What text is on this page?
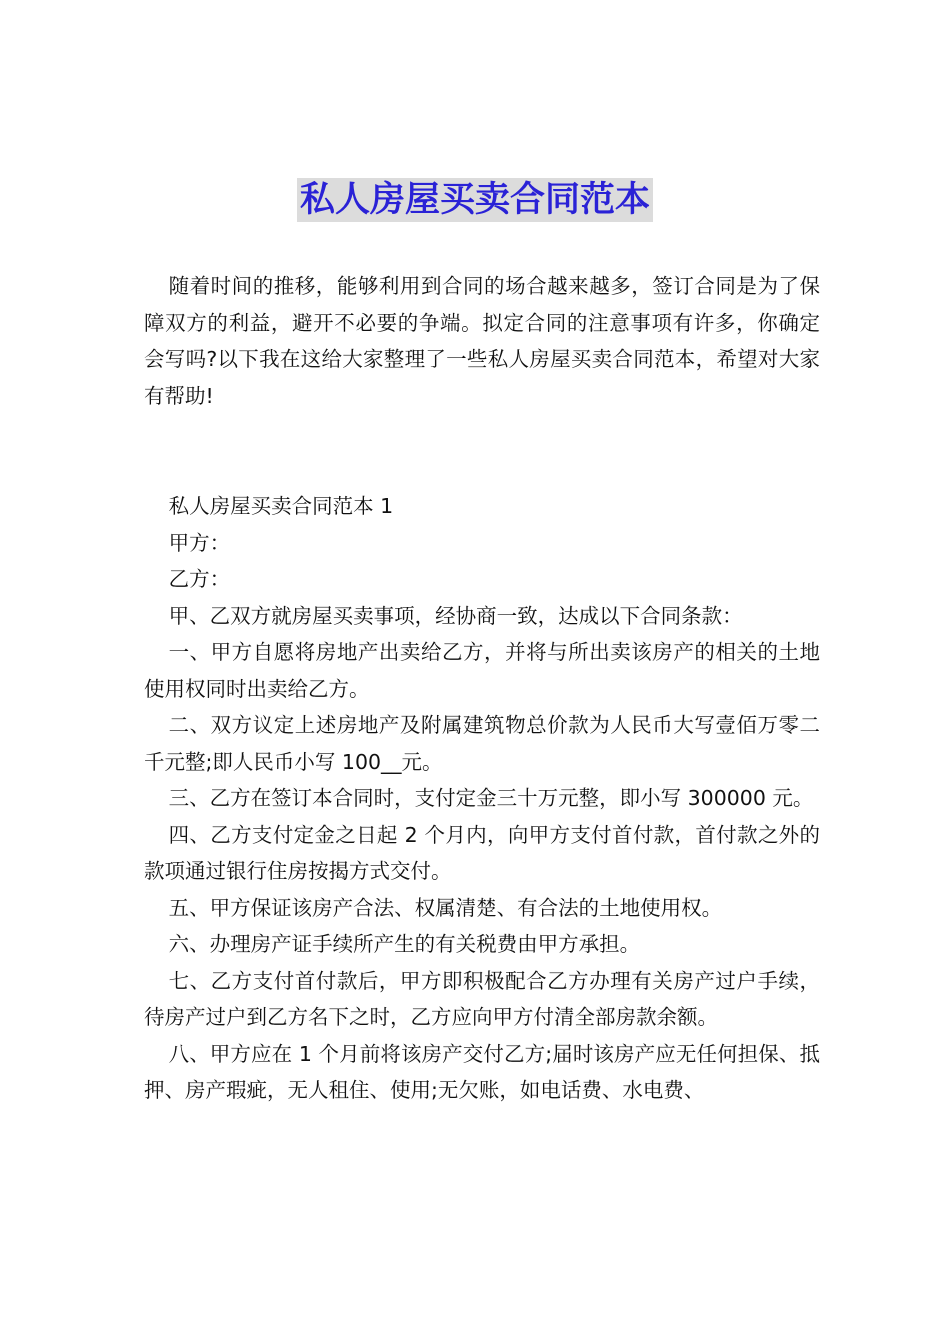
私人房屋买卖合同范本

随着时间的推移，能够利用到合同的场合越来越多，签订合同是为了保障双方的利益，避开不必要的争端。拟定合同的注意事项有许多，你确定会写吗?以下我在这给大家整理了一些私人房屋买卖合同范本，希望对大家有帮助!

私人房屋买卖合同范本 1

甲方：

乙方：

甲、乙双方就房屋买卖事项，经协商一致，达成以下合同条款：

一、甲方自愿将房地产出卖给乙方，并将与所出卖该房产的相关的土地使用权同时出卖给乙方。

二、双方议定上述房地产及附属建筑物总价款为人民币大写壹佰万零二千元整;即人民币小写 100__元。

三、乙方在签订本合同时，支付定金三十万元整，即小写 300000 元。

四、乙方支付定金之日起 2 个月内，向甲方支付首付款，首付款之外的款项通过银行住房按揭方式交付。

五、甲方保证该房产合法、权属清楚、有合法的土地使用权。

六、办理房产证手续所产生的有关税费由甲方承担。

七、乙方支付首付款后，甲方即积极配合乙方办理有关房产过户手续，待房产过户到乙方名下之时，乙方应向甲方付清全部房款余额。

八、甲方应在 1 个月前将该房产交付乙方;届时该房产应无任何担保、抵押、房产瑕疵，无人租住、使用;无欠账，如电话费、水电费、
